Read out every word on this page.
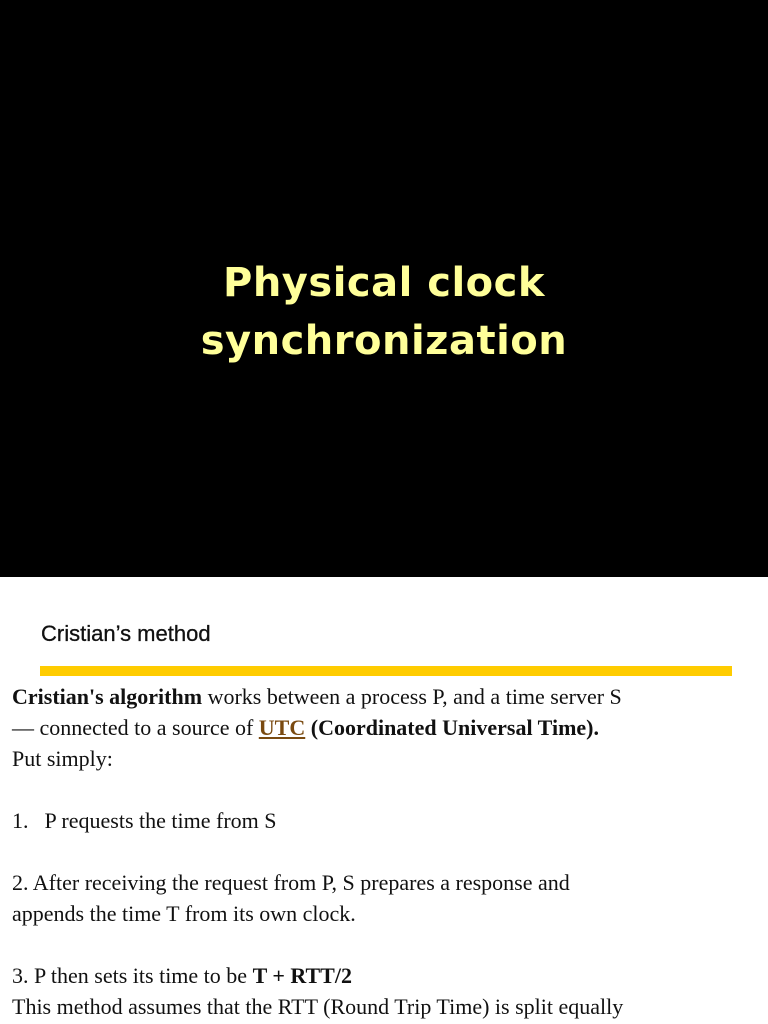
Physical clock
synchronization
Cristian’s method

Cristian's algorithm works between a process P, and a time server S

— connected to a source of UTC (Coordinated Universal Time).

Put simply:

1. P requests the time from S

2. After receiving the request from P, S prepares a response and

appends the time T from its own clock.

3. P then sets its time to be T + RTT/2

This method assumes that the RTT (Round Trip Time) is split equally
